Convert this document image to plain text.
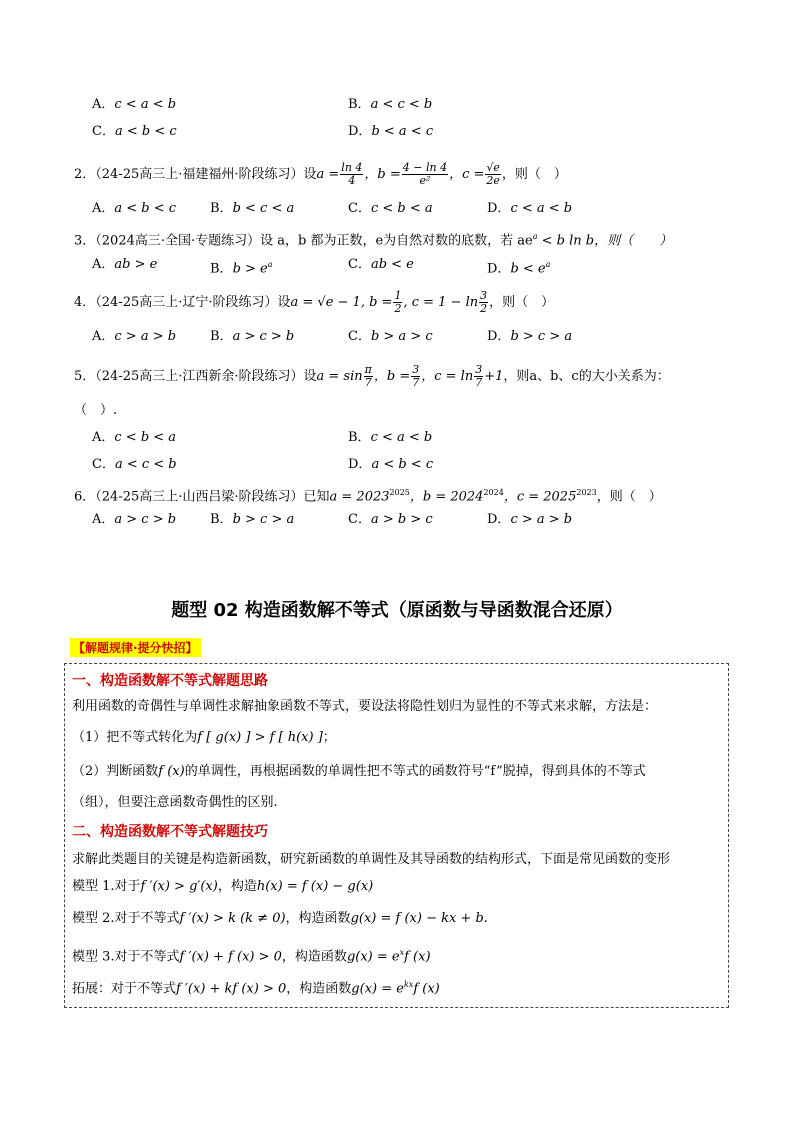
A．c < a < b	B．a < c < b
C．a < b < c	D．b < a < c
2．（24-25高三上·福建福州·阶段练习）设$a = \frac{\ln 4}{4}$ ，$b = \frac{4 - \ln 4}{\text{e²}}$ ，$c = \frac{√e}{2e}$ ，则（　）
A．a < b < c	B．b < c < a	C．c < b < a	D．c < a < b
3．（2024高三·全国·专题练习）设 a，b 都为正数，e为自然对数的底数，若 $ae^a < b$ ln b，则（　　）
A．ab > e	B．$b > e^a$	C．ab < e	D．$b < e^a$
4．（24-25高三上·辽宁·阶段练习）设a = √e − 1, $b = \frac{1}{2}$ , $c = 1 - \ln \frac{3}{2}$ ，则（　）
A．c > a > b	B．a > c > b	C．b > a > c	D．b > c > a
5．（24-25高三上·江西新余·阶段练习）设$a = \sin \frac{\pi}{7}$ ，$b = \frac{3}{7}$ ，$c = \ln \frac{3}{7} +1$，则a、b、c的大小关系为：
（　）.
A．c < b < a	B．c < a < b
C．a < c < b	D．a < b < c
6．（24-25高三上·山西吕梁·阶段练习）已知$a = 2023^{2025}$，$b = 2024^{2024}$，$c = 2025^{2023}$，则（　）
A．a > c > b	B．b > c > a	C．a > b > c	D．c > a > b
题型 02 构造函数解不等式（原函数与导函数混合还原）
【解题规律·提分快招】
一、构造函数解不等式解题思路
利用函数的奇偶性与单调性求解抽象函数不等式，要设法将隐性划归为显性的不等式来求解，方法是：
（1）把不等式转化为f [ g(x) ] > f [ h(x) ]；
（2）判断函数f (x)的单调性，再根据函数的单调性把不等式的函数符号“f”脱掉，得到具体的不等式
（组），但要注意函数奇偶性的区别.
二、构造函数解不等式解题技巧
求解此类题目的关键是构造新函数，研究新函数的单调性及其导函数的结构形式，下面是常见函数的变形
模型 1.对于f ′(x) > g′(x)，构造h(x) = f (x) − g(x)
模型 2.对于不等式f ′(x) > k (k ≠ 0)，构造函数g(x) = f (x) − kx + b.
模型 3.对于不等式f ′(x) + f (x) > 0，构造函数$g(x) = e^xf$ (x)
拓展：对于不等式f ′(x) + kf (x) > 0，构造函数$g(x) = e^{kx}f$ (x)
